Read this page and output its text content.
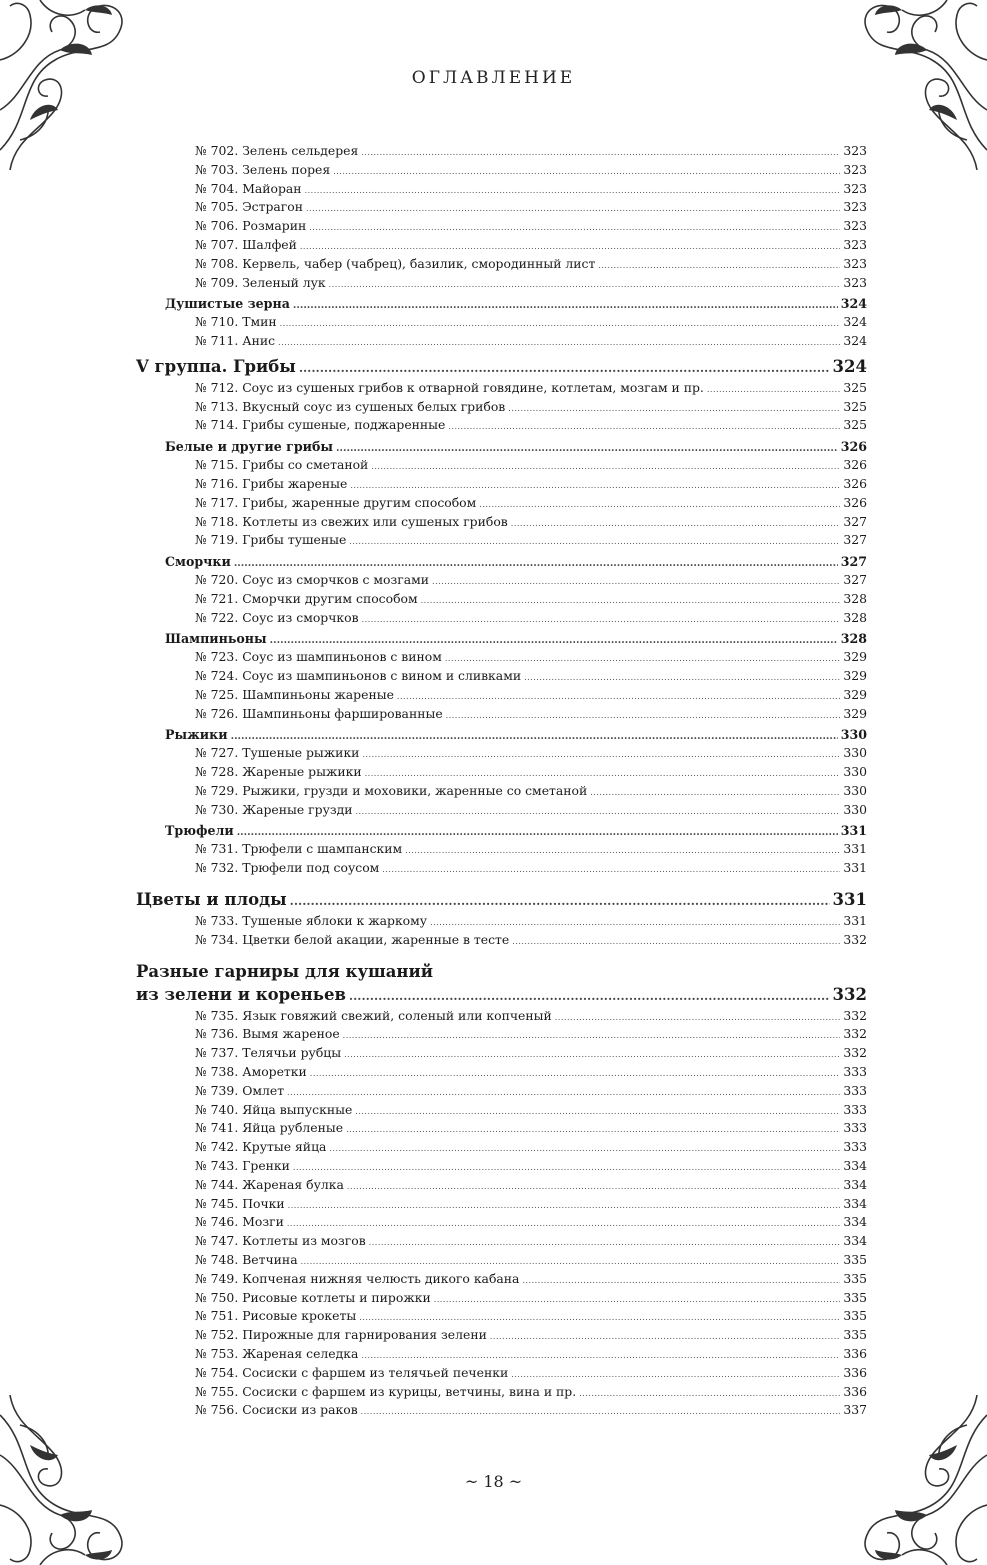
ОГЛАВЛЕНИЕ
№ 702. Зелень сельдерея .....	323
№ 703. Зелень порея .....	323
№ 704. Майоран .....	323
№ 705. Эстрагон .....	323
№ 706. Розмарин .....	323
№ 707. Шалфей .....	323
№ 708. Кервель, чабер (чабрец), базилик, смородинный лист .....	323
№ 709. Зеленый лук .....	323
Душистые зерна .....	324
№ 710. Тмин .....	324
№ 711. Анис .....	324
V группа. Грибы .....	324
№ 712. Соус из сушеных грибов к отварной говядине, котлетам, мозгам и пр. .....	325
№ 713. Вкусный соус из сушеных белых грибов .....	325
№ 714. Грибы сушеные, поджаренные .....	325
Белые и другие грибы .....	326
№ 715. Грибы со сметаной .....	326
№ 716. Грибы жареные .....	326
№ 717. Грибы, жаренные другим способом .....	326
№ 718. Котлеты из свежих или сушеных грибов .....	327
№ 719. Грибы тушеные .....	327
Сморчки .....	327
№ 720. Соус из сморчков с мозгами .....	327
№ 721. Сморчки другим способом .....	328
№ 722. Соус из сморчков .....	328
Шампиньоны .....	328
№ 723. Соус из шампиньонов с вином .....	329
№ 724. Соус из шампиньонов с вином и сливками .....	329
№ 725. Шампиньоны жареные .....	329
№ 726. Шампиньоны фаршированные .....	329
Рыжики .....	330
№ 727. Тушеные рыжики .....	330
№ 728. Жареные рыжики .....	330
№ 729. Рыжики, грузди и моховики, жаренные со сметаной .....	330
№ 730. Жареные грузди .....	330
Трюфели .....	331
№ 731. Трюфели с шампанским .....	331
№ 732. Трюфели под соусом .....	331
Цветы и плоды .....	331
№ 733. Тушеные яблоки к жаркому .....	331
№ 734. Цветки белой акации, жаренные в тесте .....	332
Разные гарниры для кушаний
из зелени и кореньев .....	332
№ 735. Язык говяжий свежий, соленый или копченый .....	332
№ 736. Вымя жареное .....	332
№ 737. Телячьи рубцы .....	332
№ 738. Аморетки .....	333
№ 739. Омлет .....	333
№ 740. Яйца выпускные .....	333
№ 741. Яйца рубленые .....	333
№ 742. Крутые яйца .....	333
№ 743. Гренки .....	334
№ 744. Жареная булка .....	334
№ 745. Почки .....	334
№ 746. Мозги .....	334
№ 747. Котлеты из мозгов .....	334
№ 748. Ветчина .....	335
№ 749. Копченая нижняя челюсть дикого кабана .....	335
№ 750. Рисовые котлеты и пирожки .....	335
№ 751. Рисовые крокеты .....	335
№ 752. Пирожные для гарнирования зелени .....	335
№ 753. Жареная селедка .....	336
№ 754. Сосиски с фаршем из телячьей печенки .....	336
№ 755. Сосиски с фаршем из курицы, ветчины, вина и пр. .....	336
№ 756. Сосиски из раков .....	337
~ 18 ~
